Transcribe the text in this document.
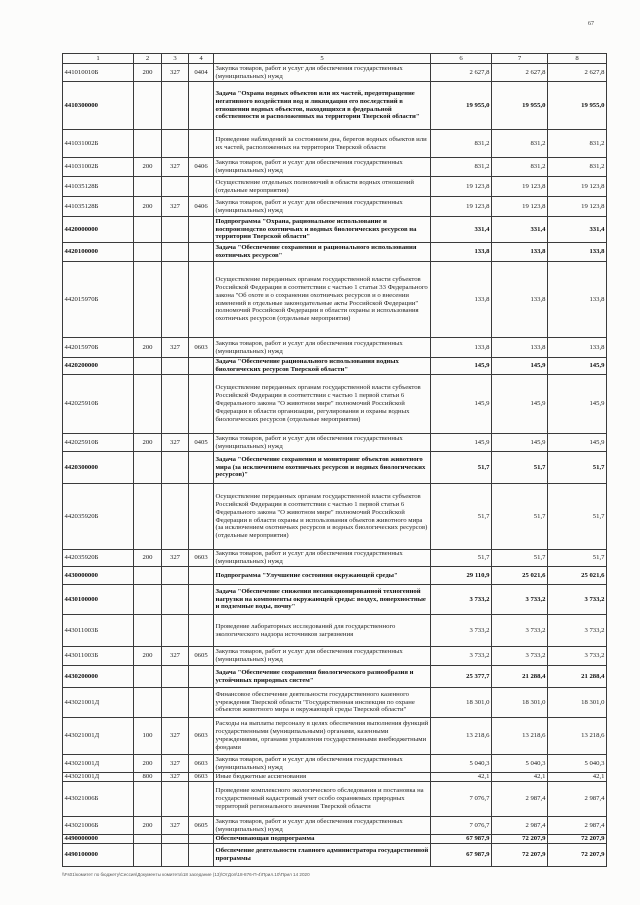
67
1	2	3	4	5	6	7	8
441010010Б	200	327	0404	Закупка товаров, работ и услуг для обеспечения государственных (муниципальных) нужд	2 627,8	2 627,8	2 627,8
4410300000				Задача "Охрана водных объектов или их частей, предотвращение негативного воздействия вод и ликвидация его последствий в отношении водных объектов, находящихся в федеральной собственности и расположенных на территории Тверской области"	19 955,0	19 955,0	19 955,0
441031002Б				Проведение наблюдений за состоянием дна, берегов водных объектов или их частей, расположенных на территории Тверской области	831,2	831,2	831,2
441031002Б	200	327	0406	Закупка товаров, работ и услуг для обеспечения государственных (муниципальных) нужд	831,2	831,2	831,2
441035128Б				Осуществление отдельных полномочий в области водных отношений (отдельные мероприятия)	19 123,8	19 123,8	19 123,8
441035128Б	200	327	0406	Закупка товаров, работ и услуг для обеспечения государственных (муниципальных) нужд	19 123,8	19 123,8	19 123,8
4420000000				Подпрограмма "Охрана, рациональное использование и воспроизводство охотничьих и водных биологических ресурсов на территории Тверской области"	331,4	331,4	331,4
4420100000				Задача "Обеспечение сохранения и рационального использования охотничьих ресурсов"	133,8	133,8	133,8
442015970Б				Осуществление переданных органам государственной власти субъектов Российской Федерации в соответствии с частью 1 статьи 33 Федерального закона "Об охоте и о сохранении охотничьих ресурсов и о внесении изменений в отдельные законодательные акты Российской Федерации" полномочий Российской Федерации в области охраны и использования охотничьих ресурсов (отдельные мероприятия)	133,8	133,8	133,8
442015970Б	200	327	0603	Закупка товаров, работ и услуг для обеспечения государственных (муниципальных) нужд	133,8	133,8	133,8
4420200000				Задача "Обеспечение рационального использования водных биологических ресурсов Тверской области"	145,9	145,9	145,9
442025910Б				Осуществление переданных органам государственной власти субъектов Российской Федерации в соответствии с частью 1 первой статьи 6 Федерального закона "О животном мире" полномочий Российской Федерации в области организации, регулирования и охраны водных биологических ресурсов (отдельные мероприятия)	145,9	145,9	145,9
442025910Б	200	327	0405	Закупка товаров, работ и услуг для обеспечения государственных (муниципальных) нужд	145,9	145,9	145,9
4420300000				Задача "Обеспечение сохранения и мониторинг объектов животного мира (за исключением охотничьих ресурсов и водных биологических ресурсов)"	51,7	51,7	51,7
442035920Б				Осуществление переданных органам государственной власти субъектов Российской Федерации в соответствии с частью 1 первой статьи 6 Федерального закона "О животном мире" полномочий Российской Федерации в области охраны и использования объектов животного мира (за исключением охотничьих ресурсов и водных биологических ресурсов) (отдельные мероприятия)	51,7	51,7	51,7
442035920Б	200	327	0603	Закупка товаров, работ и услуг для обеспечения государственных (муниципальных) нужд	51,7	51,7	51,7
4430000000				Подпрограмма "Улучшение состояния окружающей среды"	29 110,9	25 021,6	25 021,6
4430100000				Задача "Обеспечение снижения несанкционированной техногенной нагрузки на компоненты окружающей среды: воздух, поверхностные и подземные воды, почву"	3 733,2	3 733,2	3 733,2
443011003Б				Проведение лабораторных исследований для государственного экологического надзора источников загрязнения	3 733,2	3 733,2	3 733,2
443011003Б	200	327	0605	Закупка товаров, работ и услуг для обеспечения государственных (муниципальных) нужд	3 733,2	3 733,2	3 733,2
4430200000				Задача "Обеспечение сохранения биологического разнообразия и устойчивых природных систем"	25 377,7	21 288,4	21 288,4
443021001Д				Финансовое обеспечение деятельности государственного казенного учреждения Тверской области "Государственная инспекция по охране объектов животного мира и окружающей среды Тверской области"	18 301,0	18 301,0	18 301,0
443021001Д	100	327	0603	Расходы на выплаты персоналу в целях обеспечения выполнения функций государственными (муниципальными) органами, казенными учреждениями, органами управления государственными внебюджетными фондами	13 218,6	13 218,6	13 218,6
443021001Д	200	327	0603	Закупка товаров, работ и услуг для обеспечения государственных (муниципальных) нужд	5 040,3	5 040,3	5 040,3
443021001Д	800	327	0603	Иные бюджетные ассигнования	42,1	42,1	42,1
443021006Б				Проведение комплексного экологического обследования и постановка на государственный кадастровый учет особо охраняемых природных территорий регионального значения Тверской области	7 076,7	2 987,4	2 987,4
443021006Б	200	327	0605	Закупка товаров, работ и услуг для обеспечения государственных (муниципальных) нужд	7 076,7	2 987,4	2 987,4
4490000000				Обеспечивающая подпрограмма	67 987,9	72 207,9	72 207,9
4490100000				Обеспечение деятельности главного администратора государственной программы	67 987,9	72 207,9	72 207,9
\\Fs01\комитет по бюджету\Сессия\Документы комитета\18 заседание (13)\ОтДоп\18-876-П-4\Прил.10\Прил 14 2020
